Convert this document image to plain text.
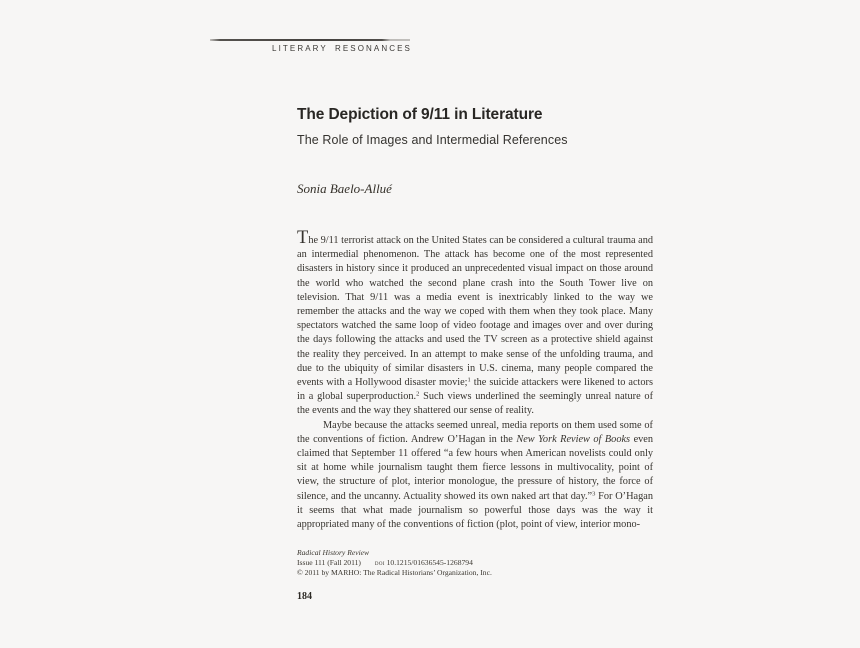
LITERARY RESONANCES
The Depiction of 9/11 in Literature
The Role of Images and Intermedial References
Sonia Baelo-Allué

The 9/11 terrorist attack on the United States can be considered a cultural trauma and an intermedial phenomenon. The attack has become one of the most represented disasters in history since it produced an unprecedented visual impact on those around the world who watched the second plane crash into the South Tower live on television. That 9/11 was a media event is inextricably linked to the way we remember the attacks and the way we coped with them when they took place. Many spectators watched the same loop of video footage and images over and over during the days following the attacks and used the TV screen as a protective shield against the reality they perceived. In an attempt to make sense of the unfolding trauma, and due to the ubiquity of similar disasters in U.S. cinema, many people compared the events with a Hollywood disaster movie;$^1$ the suicide attackers were likened to actors in a global superproduction.$^2$ Such views underlined the seemingly unreal nature of the events and the way they shattered our sense of reality.

Maybe because the attacks seemed unreal, media reports on them used some of the conventions of fiction. Andrew O’Hagan in the New York Review of Books even claimed that September 11 offered “a few hours when American novelists could only sit at home while journalism taught them fierce lessons in multivocality, point of view, the structure of plot, interior monologue, the pressure of history, the force of silence, and the uncanny. Actuality showed its own naked art that day.”$^3$ For O’Hagan it seems that what made journalism so powerful those days was the way it appropriated many of the conventions of fiction (plot, point of view, interior mono-

Radical History Review
Issue 111 (Fall 2011) doi 10.1215/01636545-1268794
© 2011 by MARHO: The Radical Historians’ Organization, Inc.
184
